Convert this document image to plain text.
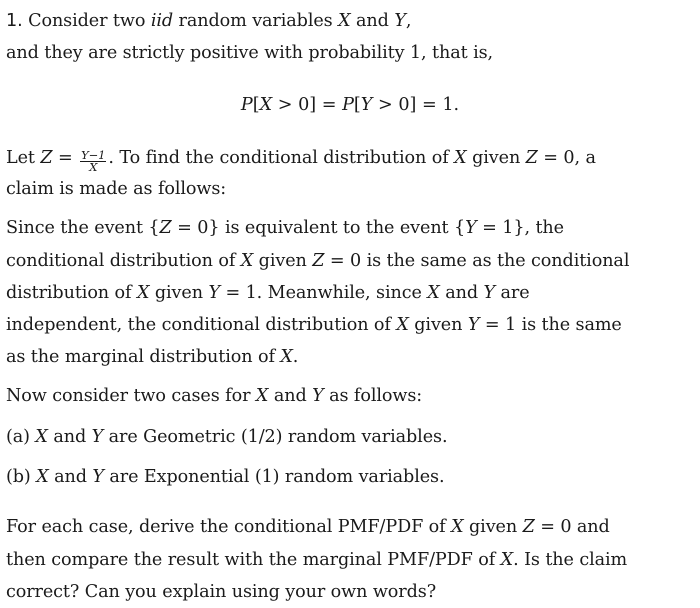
1. Consider two iid random variables X and Y,
and they are strictly positive with probability 1, that is,
P[X > 0] = P[Y > 0] = 1.
Let $Z = \frac{Y-1}{X}$ . To find the conditional distribution of X given Z = 0, a
claim is made as follows:
Since the event {Z = 0} is equivalent to the event {Y = 1}, the
conditional distribution of X given Z = 0 is the same as the conditional
distribution of X given Y = 1. Meanwhile, since X and Y are
independent, the conditional distribution of X given Y = 1 is the same
as the marginal distribution of X.
Now consider two cases for X and Y as follows:
(a) X and Y are Geometric (1/2) random variables.
(b) X and Y are Exponential (1) random variables.
For each case, derive the conditional PMF/PDF of X given Z = 0 and
then compare the result with the marginal PMF/PDF of X. Is the claim
correct? Can you explain using your own words?
